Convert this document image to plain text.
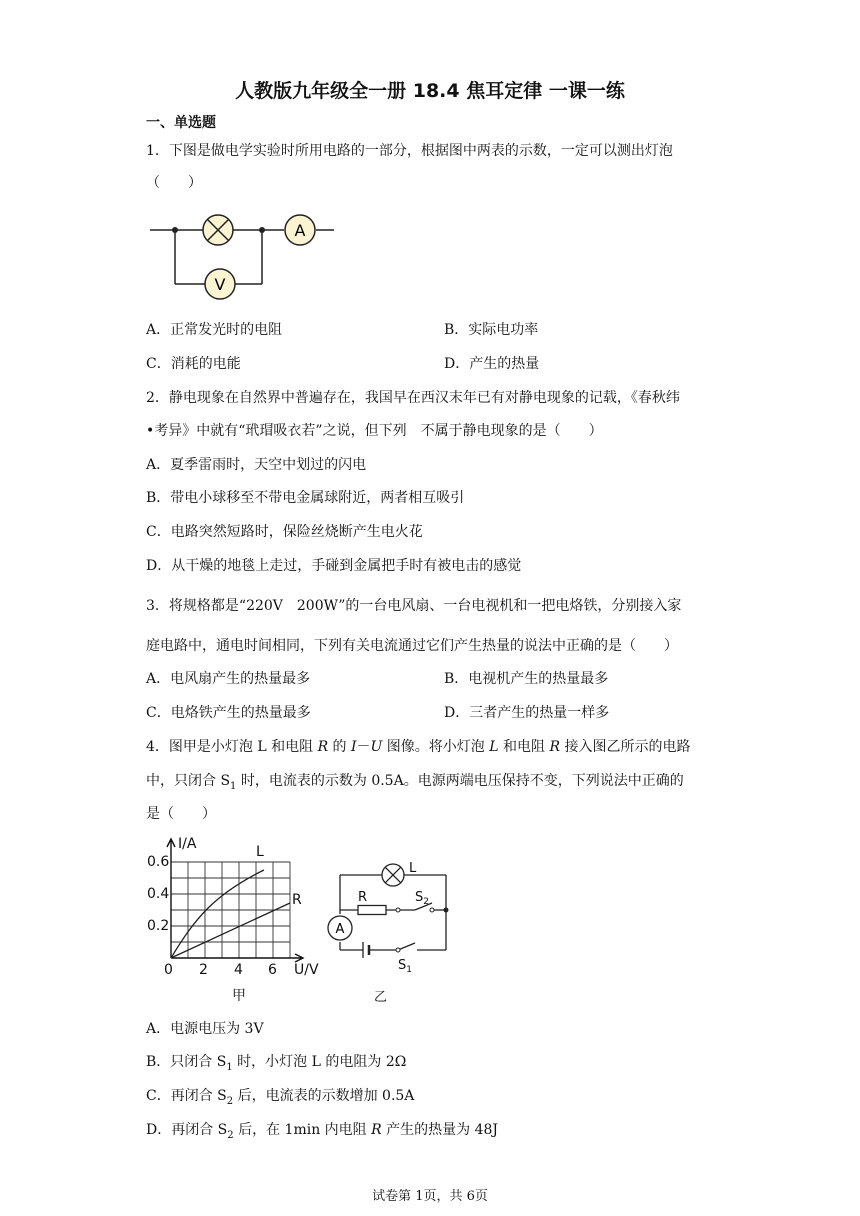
人教版九年级全一册 18.4 焦耳定律 一课一练
一、单选题
1．下图是做电学实验时所用电路的一部分，根据图中两表的示数，一定可以测出灯泡
（　　）
A
V
A．正常发光时的电阻	B．实际电功率
C．消耗的电能	D．产生的热量
2．静电现象在自然界中普遍存在，我国早在西汉末年已有对静电现象的记载，《春秋纬
•考异》中就有“玳瑁吸衣若”之说，但下列　不属于静电现象的是（　　）
A．夏季雷雨时，天空中划过的闪电
B．带电小球移至不带电金属球附近，两者相互吸引
C．电路突然短路时，保险丝烧断产生电火花
D．从干燥的地毯上走过，手碰到金属把手时有被电击的感觉
3．将规格都是“220V　200W”的一台电风扇、一台电视机和一把电烙铁，分别接入家
庭电路中，通电时间相同，下列有关电流通过它们产生热量的说法中正确的是（　　）
A．电风扇产生的热量最多	B．电视机产生的热量最多
C．电烙铁产生的热量最多	D．三者产生的热量一样多
4．图甲是小灯泡 L 和电阻 R 的 I－U 图像。将小灯泡 L 和电阻 R 接入图乙所示的电路
中，只闭合 $S_1$ 时，电流表的示数为 0.5A。电源两端电压保持不变，下列说法中正确的
是（　　）
I/A
U/V
0.6
0.4
0.2
0 2 4 6
L
R
甲
A
L
R	$S_2$
$S_1$
乙
A．电源电压为 3V
B．只闭合 $S_1$ 时，小灯泡 L 的电阻为 2Ω
C．再闭合 $S_2$ 后，电流表的示数增加 0.5A
D．再闭合 $S_2$ 后，在 1min 内电阻 R 产生的热量为 48J
试卷第 1页，共 6页
